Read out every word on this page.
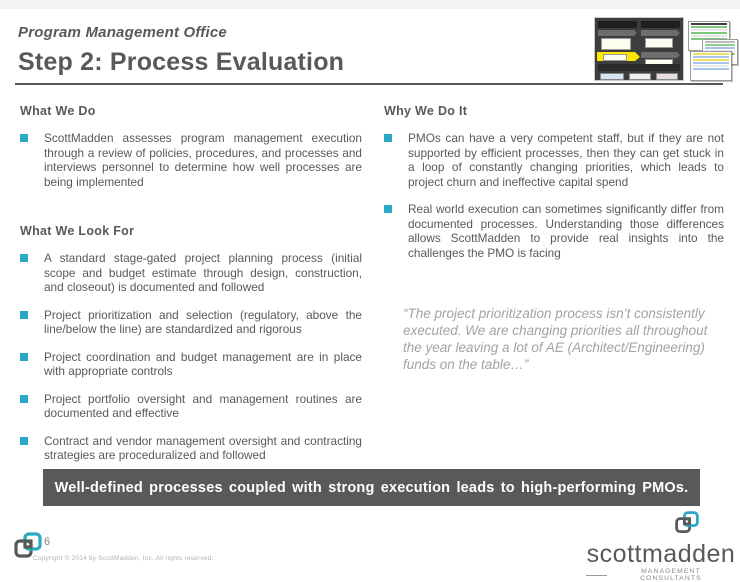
Program Management Office
Step 2: Process Evaluation
What We Do
ScottMadden assesses program management execution through a review of policies, procedures, and processes and interviews personnel to determine how well processes are being implemented
What We Look For
A standard stage-gated project planning process (initial scope and budget estimate through design, construction, and closeout) is documented and followed
Project prioritization and selection (regulatory, above the line/below the line) are standardized and rigorous
Project coordination and budget management are in place with appropriate controls
Project portfolio oversight and management routines are documented and effective
Contract and vendor management oversight and contracting strategies are proceduralized and followed
Why We Do It
PMOs can have a very competent staff, but if they are not supported by efficient processes, then they can get stuck in a loop of constantly changing priorities, which leads to project churn and ineffective capital spend
Real world execution can sometimes significantly differ from documented processes. Understanding those differences allows ScottMadden to provide real insights into the challenges the PMO is facing
“The project prioritization process isn’t consistently executed. We are changing priorities all throughout the year leaving a lot of AE (Architect/Engineering) funds on the table…”
Well-defined processes coupled with strong execution leads to high-performing PMOs.
6
Copyright © 2014 by ScottMadden, Inc. All rights reserved.	scottmadden
MANAGEMENT CONSULTANTS
